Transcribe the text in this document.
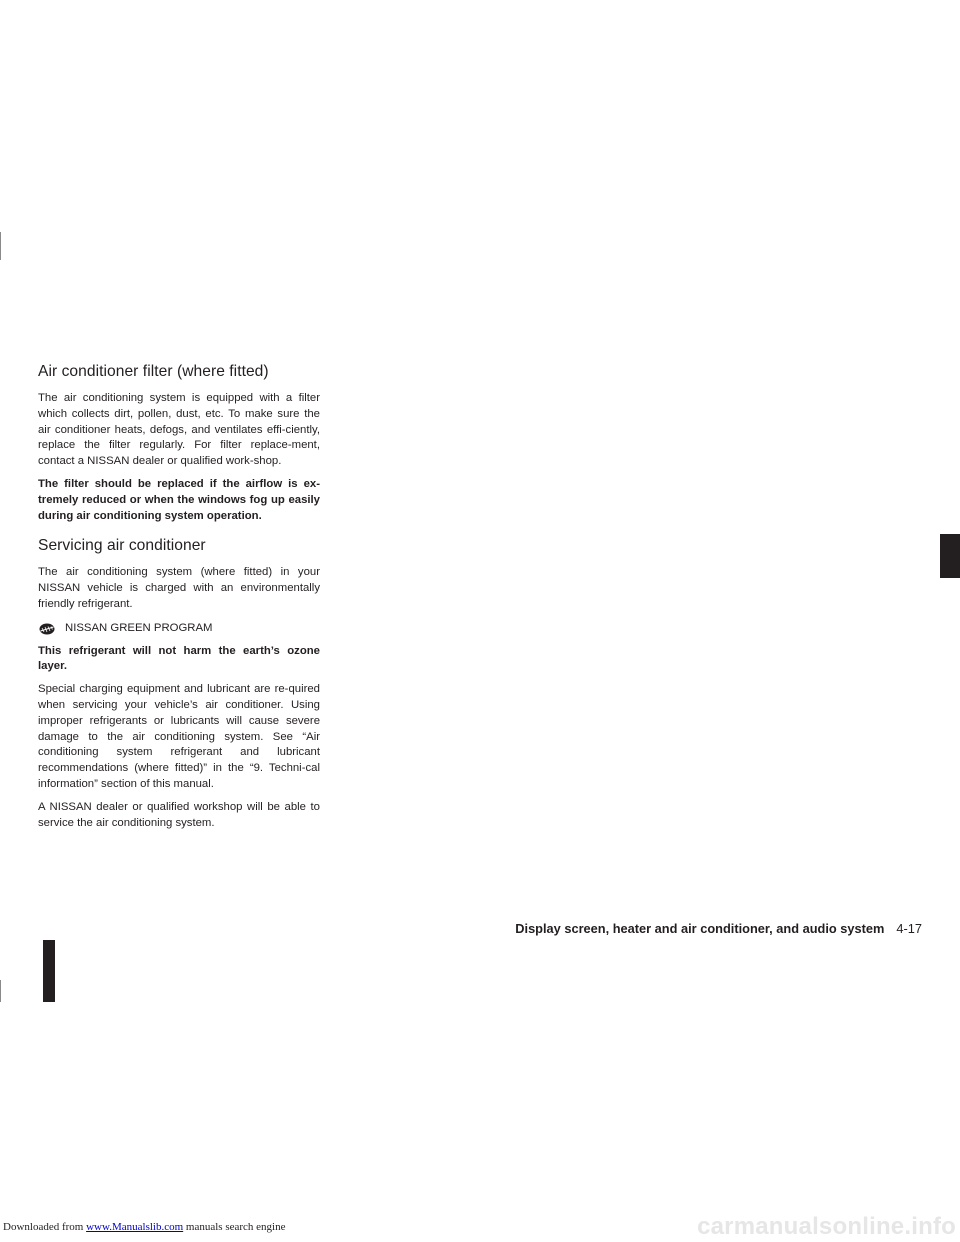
Air conditioner filter (where fitted)

The air conditioning system is equipped with a filter which collects dirt, pollen, dust, etc. To make sure the air conditioner heats, defogs, and ventilates effi-ciently, replace the filter regularly. For filter replace-ment, contact a NISSAN dealer or qualified work-shop.

The filter should be replaced if the airflow is ex-tremely reduced or when the windows fog up easily during air conditioning system operation.

Servicing air conditioner

The air conditioning system (where fitted) in your NISSAN vehicle is charged with an environmentally friendly refrigerant.

NISSAN GREEN PROGRAM

This refrigerant will not harm the earth’s ozone layer.

Special charging equipment and lubricant are re-quired when servicing your vehicle’s air conditioner. Using improper refrigerants or lubricants will cause severe damage to the air conditioning system. See “Air conditioning system refrigerant and lubricant recommendations (where fitted)” in the “9. Techni-cal information” section of this manual.

A NISSAN dealer or qualified workshop will be able to service the air conditioning system.

Display screen, heater and air conditioner, and audio system 4-17
Downloaded from www.Manualslib.com manuals search engine	carmanualsonline.info
